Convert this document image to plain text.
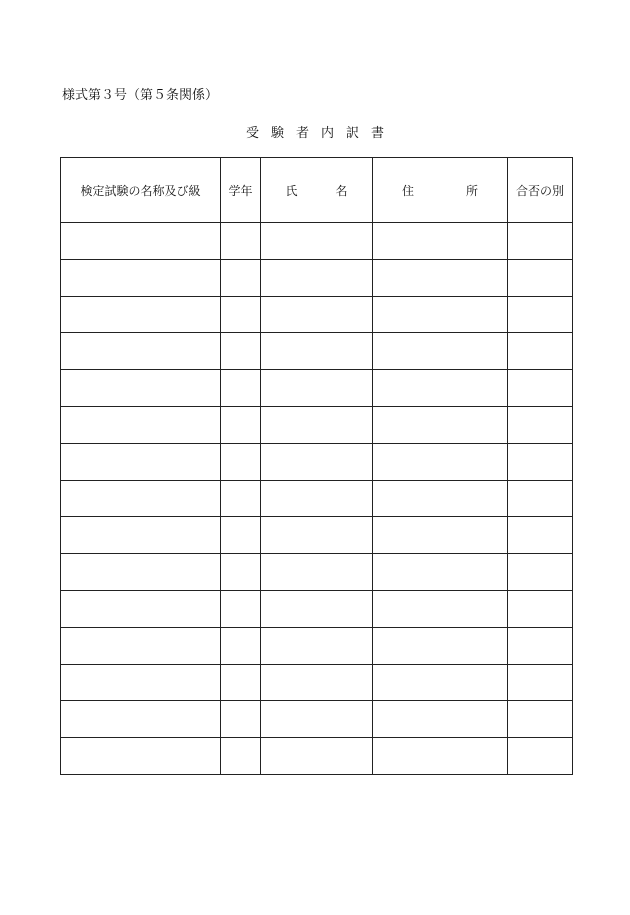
様式第３号（第５条関係）
受 験 者 内 訳 書
検定試験の名称及び級	学年	氏 名	住 所	合否の別
